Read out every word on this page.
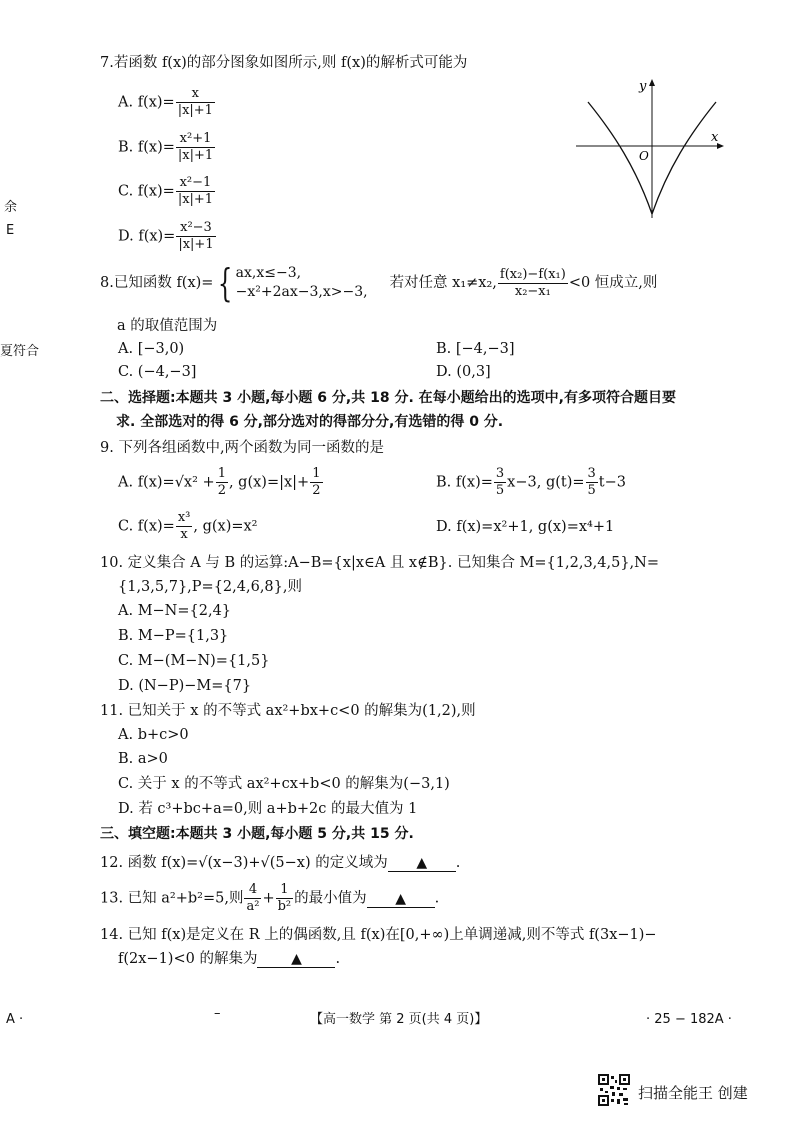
余
E
夏符合
7.若函数 f(x)的部分图象如图所示,则 f(x)的解析式可能为
A. $f(x)= \frac{x}{|x|+1}$
B. $f(x)= \frac{\text{x²+1}}{|x|+1}$
C. $f(x)= \frac{\text{x²−1}}{|x|+1}$
D. $f(x)= \frac{\text{x²−3}}{|x|+1}$
y
x
O
8.已知函数 f(x)= { ax,x≤−3,
−x²+2ax−3,x>−3,
若对任意 x₁≠x₂, $\frac{\text{f(x₂)−f(x₁)}}{\text{x₂−x₁}} <0$ 恒成立,则
a 的取值范围为
A. [−3,0)	B. [−4,−3]
C. (−4,−3]	D. (0,3]
二、选择题:本题共 3 小题,每小题 6 分,共 18 分. 在每小题给出的选项中,有多项符合题目要
求. 全部选对的得 6 分,部分选对的得部分分,有选错的得 0 分.
9. 下列各组函数中,两个函数为同一函数的是
A. $f(x)=√x^2 + \frac{1}{2}$ , $g(x)=|x|+ \frac{1}{2}$	B. $f(x)= \frac{3}{5} x-3$, $g(t)= \frac{3}{5} t-3$
C. $f(x)= \frac{\text{x³}}{x}$ , g(x)=x²	D. f(x)=x²+1, g(x)=x⁴+1
10. 定义集合 A 与 B 的运算:A−B={x|x∈A 且 x∉B}. 已知集合 M={1,2,3,4,5},N=
{1,3,5,7},P={2,4,6,8},则
A. M−N={2,4}
B. M−P={1,3}
C. M−(M−N)={1,5}
D. (N−P)−M={7}
11. 已知关于 x 的不等式 ax²+bx+c<0 的解集为(1,2),则
A. b+c>0
B. a>0
C. 关于 x 的不等式 ax²+cx+b<0 的解集为(−3,1)
D. 若 c³+bc+a=0,则 a+b+2c 的最大值为 1
三、填空题:本题共 3 小题,每小题 5 分,共 15 分.
12. 函数 f(x)=√(x−3)+√(5−x) 的定义域为 ▲ .
13. 已知 a²+b²=5,则 $\frac{4}{\text{a²}} + \frac{1}{\text{b²}}$ 的最小值为 ▲ .
14. 已知 f(x)是定义在 R 上的偶函数,且 f(x)在[0,+∞)上单调递减,则不等式 f(3x−1)−
f(2x−1)<0 的解集为 ▲ .
A ·	–	【高一数学 第 2 页(共 4 页)】	· 25 − 182A ·
扫描全能王 创建
